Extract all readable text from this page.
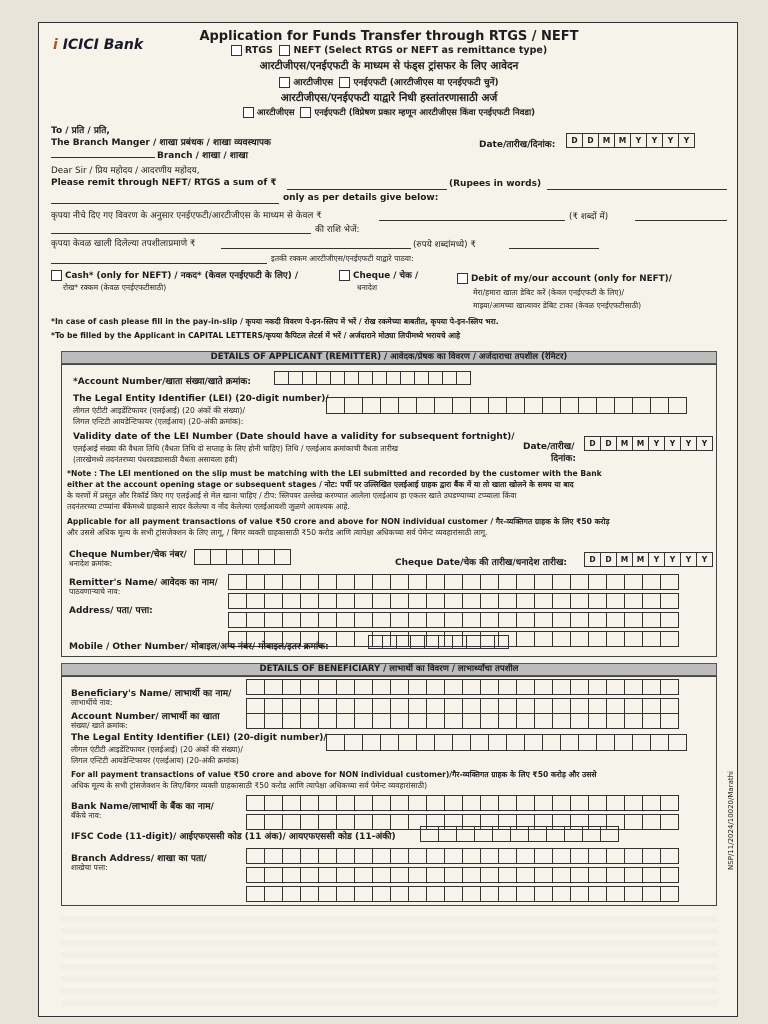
i ICICI Bank
Application for Funds Transfer through RTGS / NEFT
RTGS NEFT (Select RTGS or NEFT as remittance type)
आरटीजीएस/एनईएफटी के माध्यम से फंड्स ट्रांसफर के लिए आवेदन
आरटीजीएस एनईएफटी (आरटीजीएस या एनईएफटी चुनें)
आरटीजीएस/एनईएफटी याद्वारे निधी हस्तांतरणासाठी अर्ज
आरटीजीएस एनईएफटी (विप्रेषण प्रकार म्हणून आरटीजीएस किंवा एनईएफटी निवडा)
To / प्रति / प्रति,
The Branch Manger / शाखा प्रबंधक / शाखा व्यवस्थापक	Date/तारीख/दिनांक:	D	D	M	M	Y	Y	Y	Y
Branch / शाखा / शाखा
Dear Sir / प्रिय महोदय / आदरणीय महोदय,
Please remit through NEFT/ RTGS a sum of ₹	(Rupees in words)
only as per details give below:
कृपया नीचे दिए गए विवरण के अनुसार एनईएफटी/आरटीजीएस के माध्यम से केवल ₹	(₹ शब्दों में)
की राशि भेजें:
कृपया केवळ खाली दिलेल्या तपशीलाप्रमाणे ₹	(रुपये शब्दांमध्ये) ₹
इतकी रक्कम आरटीजीएस/एनईएफटी याद्वारे पाठवा:
Cash* (only for NEFT) / नकद* (केवल एनईएफटी के लिए) /
रोख* रक्कम (केवळ एनईएफटीसाठी)
Cheque / चेक /
धनादेश
Debit of my/our account (only for NEFT)/
मेरा/हमारा खाता डेबिट करें (केवल एनईएफटी के लिए)/
माझ्या/आमच्या खात्यावर डेबिट टाका (केवळ एनईएफटीसाठी)
*In case of cash please fill in the pay-in-slip / कृपया नकदी विवरण पे-इन-स्लिप में भरें / रोख रकमेच्या बाबतीत, कृपया पे-इन-स्लिप भरा.
*To be filled by the Applicant in CAPITAL LETTERS/कृपया कैपिटल लेटर्स में भरें / अर्जदाराने मोठ्या लिपीमध्ये भरायचे आहे
DETAILS OF APPLICANT (REMITTER) / आवेदक/प्रेषक का विवरण / अर्जदाराचा तपशील (रेमिटर)
*Account Number/खाता संख्या/खाते क्रमांक:
The Legal Entity Identifier (LEI) (20-digit number)/
लीगल एंटीटी आइडेंटिफायर (एलईआई) (20 अंकों की संख्या)/
लिगल एन्टिटी आयडेन्टिफायर (एलईआय) (20-अंकी क्रमांक):
Validity date of the LEI Number (Date should have a validity for subsequent fortnight)/
एलईआई संख्या की वैधता तिथि (वैधता तिथि दो सप्ताह के लिए होनी चाहिए) तिथि / एलईआय क्रमांकाची वैधता तारीख
(तारखेमध्ये तदनंतरच्या पंधरवड्यासाठी वैधता असायला हवी)
Date/तारीख/
दिनांक:
D	D	M	M	Y	Y	Y	Y
*Note : The LEI mentioned on the slip must be matching with the LEI submitted and recorded by the customer with the Bank
either at the account opening stage or subsequent stages / नोट: पर्ची पर उल्लिखित एलईआई ग्राहक द्वारा बैंक में या तो खाता खोलने के समय या बाद
के चरणों में प्रस्तुत और रिकॉर्ड किए गए एलईआई से मेल खाना चाहिए / टीप: स्लिपवर उल्लेख करण्यात आलेला एलईआय हा एकतर खाते उघडण्याच्या टप्प्याला किंवा
तदनंतरच्या टप्प्यांना बँकेमध्ये ग्राहकाने सादर केलेल्या व नोंद केलेल्या एलईआयशी जुळणे आवश्यक आहे.
Applicable for all payment transactions of value ₹50 crore and above for NON individual customer / गैर-व्यक्तिगत ग्राहक के लिए ₹50 करोड़
और उससे अधिक मूल्य के सभी ट्रांसजेक्शन के लिए लागू, / बिगर व्यक्ती ग्राहकासाठी ₹50 करोड आणि त्यापेक्षा अधिकच्या सर्व पेमेन्ट व्यवहारांसाठी लागू.
Cheque Number/चेक नंबर/
धनादेश क्रमांक:	Cheque Date/चेक की तारीख/धनादेश तारीख:	D	D	M	M	Y	Y	Y	Y
Remitter's Name/ आवेदक का नाम/
पाठवणाऱ्याचे नाव:
Address/ पता/ पत्ता:
Mobile / Other Number/ मोबाइल/अन्य नंबर/ मोबाइल/इतर क्रमांक:
DETAILS OF BENEFICIARY / लाभार्थी का विवरण / लाभार्थ्यांचा तपशील
Beneficiary's Name/ लाभार्थी का नाम/
लाभार्थीचे नाव:
Account Number/ लाभार्थी का खाता
संख्या/ खाते क्रमांक:
The Legal Entity Identifier (LEI) (20-digit number)/
लीगल एंटीटी आइडेंटिफायर (एलईआई) (20 अंकों की संख्या)/
लिगल एन्टिटी आयडेन्टिफायर (एलईआय) (20-अंकी क्रमांक)
For all payment transactions of value ₹50 crore and above for NON individual customer)/गैर-व्यक्तिगत ग्राहक के लिए ₹50 करोड़ और उससे
अधिक मूल्य के सभी ट्रांसजेक्शन के लिए/बिगर व्यक्ती ग्राहकासाठी ₹50 करोड आणि त्यापेक्षा अधिकच्या सर्व पेमेन्ट व्यवहारांसाठी)
Bank Name/लाभार्थी के बैंक का नाम/
बँकेचे नाव:
IFSC Code (11-digit)/ आईएफएससी कोड (11 अंक)/ आयएफएससी कोड (11-अंकी)
Branch Address/ शाखा का पता/
शाखेचा पत्ता:	NSP/11/2024/10020/Marathi
